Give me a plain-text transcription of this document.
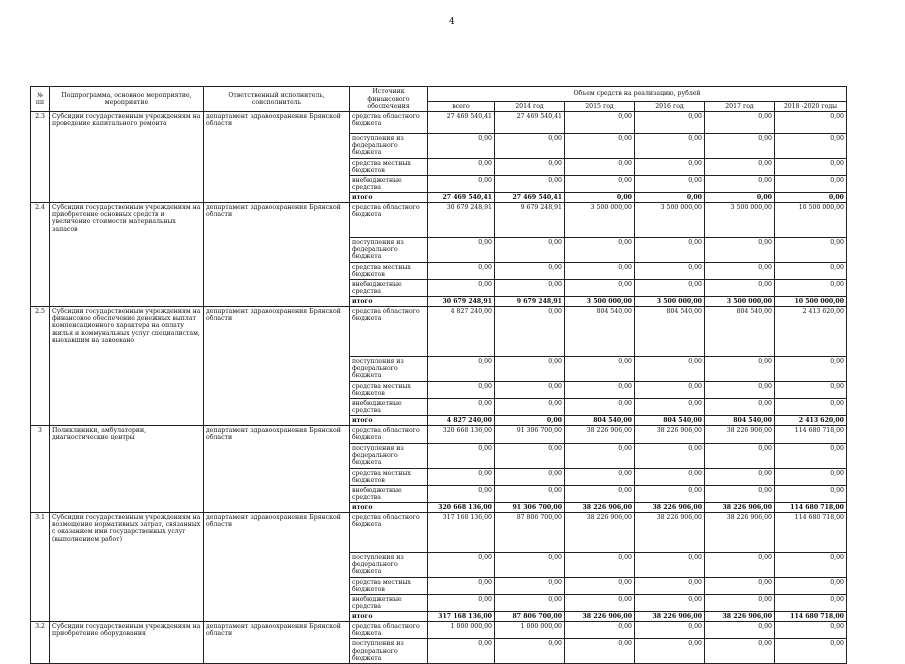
4
№ пп	Подпрограмма, основное мероприятие, мероприятие	Ответственный исполнитель, соисполнитель	Источник финансового обеспечения	Объем средств на реализацию, рублей					
				всего	2014 год	2015 год	2016 год	2017 год	2018 -2020 годы
2.3	Субсидии государственным учреждениям на проведение капитального ремонта	департамент здравоохранения Брянской области	средства областного бюджета	27 469 540,41	27 469 540,41	0,00	0,00	0,00	0,00
			поступления из федерального бюджета	0,00	0,00	0,00	0,00	0,00	0,00
			средства местных бюджетов	0,00	0,00	0,00	0,00	0,00	0,00
			внебюджетные средства	0,00	0,00	0,00	0,00	0,00	0,00
			итого	27 469 540,41	27 469 540,41	0,00	0,00	0,00	0,00
2.4	Субсидии государственным учреждениям на приобретение основных средств и увеличение стоимости материальных запасов	департамент здравоохранения Брянской области	средства областного бюджета	30 679 248,91	9 679 248,91	3 500 000,00	3 500 000,00	3 500 000,00	10 500 000,00
			поступления из федерального бюджета	0,00	0,00	0,00	0,00	0,00	0,00
			средства местных бюджетов	0,00	0,00	0,00	0,00	0,00	0,00
			внебюджетные средства	0,00	0,00	0,00	0,00	0,00	0,00
			итого	30 679 248,91	9 679 248,91	3 500 000,00	3 500 000,00	3 500 000,00	10 500 000,00
2.5	Субсидии государственным учреждениям на финансовое обеспечение денежных выплат компенсационного характера на оплату жилья и коммунальных услуг специалистам, выехавшим на завоевано	департамент здравоохранения Брянской области	средства областного бюджета	4 827 240,00	0,00	804 540,00	804 540,00	804 540,00	2 413 620,00
			поступления из федерального бюджета	0,00	0,00	0,00	0,00	0,00	0,00
			средства местных бюджетов	0,00	0,00	0,00	0,00	0,00	0,00
			внебюджетные средства	0,00	0,00	0,00	0,00	0,00	0,00
			итого	4 827 240,00	0,00	804 540,00	804 540,00	804 540,00	2 413 620,00
3	Поликлиники, амбулатории, диагностические центры	департамент здравоохранения Брянской области	средства областного бюджета	320 668 136,00	91 306 700,00	38 226 906,00	38 226 906,00	38 226 906,00	114 680 718,00
			поступления из федерального бюджета	0,00	0,00	0,00	0,00	0,00	0,00
			средства местных бюджетов	0,00	0,00	0,00	0,00	0,00	0,00
			внебюджетные средства	0,00	0,00	0,00	0,00	0,00	0,00
			итого	320 668 136,00	91 306 700,00	38 226 906,00	38 226 906,00	38 226 906,00	114 680 718,00
3.1	Субсидии государственным учреждениям на возмещение нормативных затрат, связанных с оказанием ими государственных услуг (выполнением работ)	департамент здравоохранения Брянской области	средства областного бюджета	317 168 136,00	87 806 700,00	38 226 906,00	38 226 906,00	38 226 906,00	114 680 718,00
			поступления из федерального бюджета	0,00	0,00	0,00	0,00	0,00	0,00
			средства местных бюджетов	0,00	0,00	0,00	0,00	0,00	0,00
			внебюджетные средства	0,00	0,00	0,00	0,00	0,00	0,00
			итого	317 168 136,00	87 806 700,00	38 226 906,00	38 226 906,00	38 226 906,00	114 680 718,00
3.2	Субсидии государственным учреждениям на приобретение оборудования	департамент здравоохранения Брянской области	средства областного бюджета	1 000 000,00	1 000 000,00	0,00	0,00	0,00	0,00
			поступления из федерального бюджета	0,00	0,00	0,00	0,00	0,00	0,00
